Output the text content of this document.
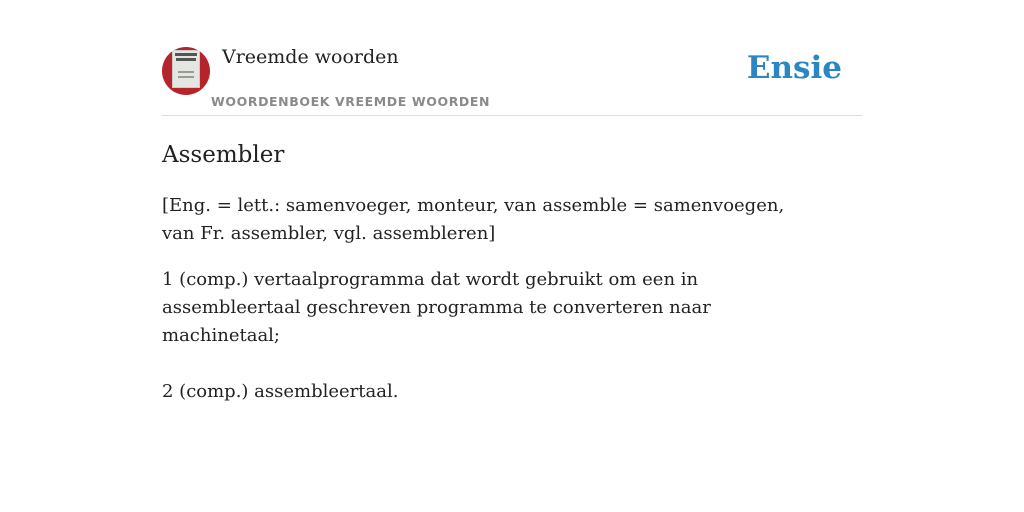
Vreemde woorden
WOORDENBOEK VREEMDE WOORDEN
Ensie
Assembler

[Eng. = lett.: samenvoeger, monteur, van assemble = samenvoegen, van Fr. assembler, vgl. assembleren]

1 (comp.) vertaalprogramma dat wordt gebruikt om een in assembleertaal geschreven programma te converteren naar machinetaal;

2 (comp.) assembleertaal.
